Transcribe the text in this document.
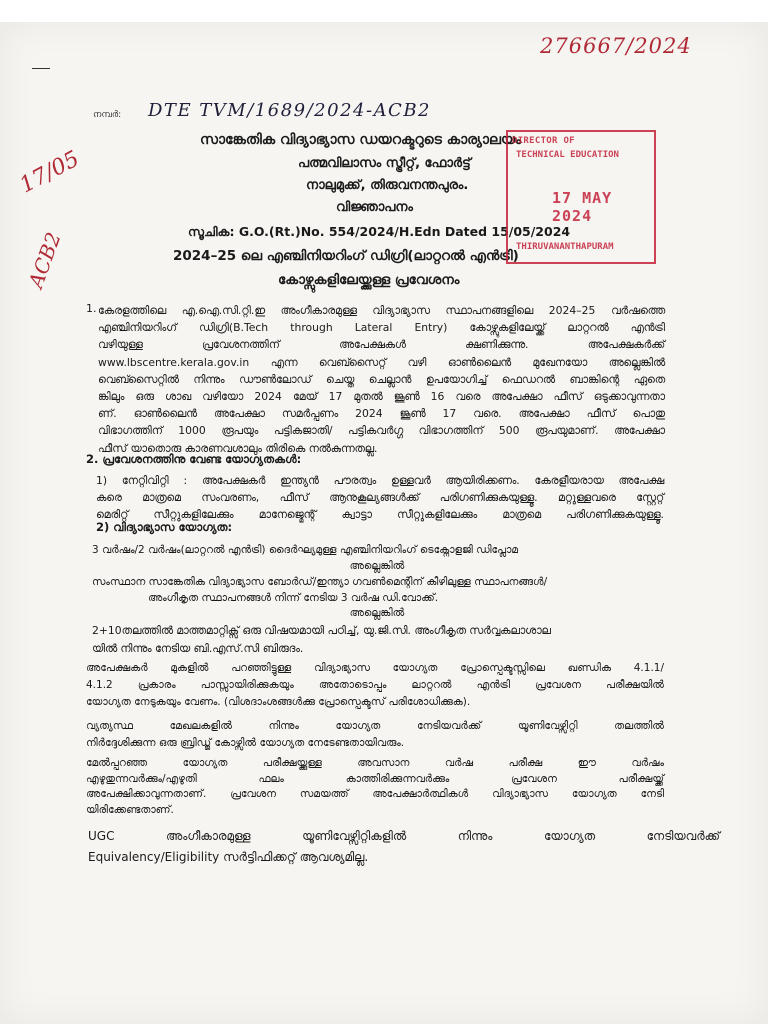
276667/2024
17/05
ACB2
നമ്പർ: DTE TVM/1689/2024-ACB2
സാങ്കേതിക വിദ്യാഭ്യാസ ഡയറക്ടറുടെ കാര്യാലയം
പത്മവിലാസം സ്ട്രീറ്റ്, ഫോർട്ട്
നാലുമുക്ക്, തിരുവനന്തപുരം.
വിജ്ഞാപനം
സൂചിക: G.O.(Rt.)No. 554/2024/H.Edn Dated 15/05/2024
2024–25 ലെ എഞ്ചിനിയറിംഗ് ഡിഗ്രി(ലാറ്ററൽ എൻട്രി)
കോഴ്സുകളിലേയ്ക്കുള്ള പ്രവേശനം
DIRECTOR OF
TECHNICAL EDUCATION
17 MAY 2024
THIRUVANANTHAPURAM
1. കേരളത്തിലെ എ.ഐ.സി.റ്റി.ഇ അംഗീകാരമുള്ള വിദ്യാഭ്യാസ സ്ഥാപനങ്ങളിലെ 2024–25 വർഷത്തെ
എഞ്ചിനിയറിംഗ് ഡിഗ്രി(B.Tech through Lateral Entry) കോഴ്സുകളിലേയ്ക്ക് ലാറ്ററൽ എൻട്രി
വഴിയുള്ള പ്രവേശനത്തിന് അപേക്ഷകൾ ക്ഷണിക്കുന്നു. അപേക്ഷകർക്ക്
www.lbscentre.kerala.gov.in എന്ന വെബ്സൈറ്റ് വഴി ഓൺലൈൻ മുഖേനയോ അല്ലെങ്കിൽ
വെബ്സൈറ്റിൽ നിന്നും ഡൗൺലോഡ് ചെയ്ത ചെല്ലാൻ ഉപയോഗിച്ച് ഫെഡറൽ ബാങ്കിന്റെ ഏതെ
ങ്കിലും ഒരു ശാഖ വഴിയോ 2024 മേയ് 17 മുതൽ ജൂൺ 16 വരെ അപേക്ഷാ ഫീസ് ഒടുക്കാവുന്നതാ
ണ്. ഓൺലൈൻ അപേക്ഷാ സമർപ്പണം 2024 ജൂൺ 17 വരെ. അപേക്ഷാ ഫീസ് പൊതു
വിഭാഗത്തിന് 1000 രൂപയും പട്ടികജാതി/ പട്ടികവർഗ്ഗ വിഭാഗത്തിന് 500 രൂപയുമാണ്. അപേക്ഷാ
ഫീസ് യാതൊരു കാരണവശാലും തിരികെ നൽകുന്നതല്ല.
2. പ്രവേശനത്തിനു വേണ്ട യോഗ്യതകൾ:
1) നേറ്റിവിറ്റി : അപേക്ഷകർ ഇന്ത്യൻ പൗരത്വം ഉള്ളവർ ആയിരിക്കണം. കേരളീയരായ അപേക്ഷ
കരെ മാത്രമെ സംവരണം, ഫീസ് ആനുകൂല്യങ്ങൾക്ക് പരിഗണിക്കുകയുള്ളൂ. മറ്റുള്ളവരെ സ്റ്റേറ്റ്
മെരിറ്റ് സീറ്റുകളിലേക്കും മാനേജ്മെന്റ് ക്വാട്ടാ സീറ്റുകളിലേക്കും മാത്രമെ പരിഗണിക്കുകയുള്ളൂ.
2) വിദ്യാഭ്യാസ യോഗ്യത:
3 വർഷം/2 വർഷം(ലാറ്ററൽ എൻട്രി) ദൈർഘ്യമുള്ള എഞ്ചിനിയറിംഗ് ടെക്നോളജി ഡിപ്ലോമ
അല്ലെങ്കിൽ
സംസ്ഥാന സാങ്കേതിക വിദ്യാഭ്യാസ ബോർഡ്/ഇന്ത്യാ ഗവൺമെന്റിന് കീഴിലുള്ള സ്ഥാപനങ്ങൾ/
അംഗീകൃത സ്ഥാപനങ്ങൾ നിന്ന് നേടിയ 3 വർഷ ഡി.വോക്ക്.
അല്ലെങ്കിൽ
2+10തലത്തിൽ മാത്തമാറ്റിക്സ് ഒരു വിഷയമായി പഠിച്ച്, യു.ജി.സി. അംഗീകൃത സർവ്വകലാശാല
യിൽ നിന്നും നേടിയ ബി.എസ്.സി ബിരുദം.
അപേക്ഷകർ മുകളിൽ പറഞ്ഞിട്ടുള്ള വിദ്യാഭ്യാസ യോഗ്യത പ്രോസ്പെക്ടസ്സിലെ ഖണ്ഡിക 4.1.1/
4.1.2 പ്രകാരം പാസ്സായിരിക്കുകയും അതോടൊപ്പം ലാറ്ററൽ എൻട്രി പ്രവേശന പരീക്ഷയിൽ
യോഗ്യത നേടുകയും വേണം. (വിശദാംശങ്ങൾക്കു പ്രോസ്പെക്ടസ് പരിശോധിക്കുക).
വ്യത്യസ്ഥ മേഖലകളിൽ നിന്നും യോഗ്യത നേടിയവർക്ക് യൂണിവേഴ്സിറ്റി തലത്തിൽ
നിർദ്ദേശിക്കുന്ന ഒരു ബ്രിഡ്ജ് കോഴ്സിൽ യോഗ്യത നേടേണ്ടതായിവരും.
മേൽപ്പറഞ്ഞ യോഗ്യത പരീക്ഷയ്ക്കുള്ള അവസാന വർഷ പരീക്ഷ ഈ വർഷം
എഴുതുന്നവർക്കും/എഴുതി ഫലം കാത്തിരിക്കുന്നവർക്കും പ്രവേശന പരീക്ഷയ്ക്ക്
അപേക്ഷിക്കാവുന്നതാണ്. പ്രവേശന സമയത്ത് അപേക്ഷാർത്ഥികൾ വിദ്യാഭ്യാസ യോഗ്യത നേടി
യിരിക്കേണ്ടതാണ്.
UGC അംഗീകാരമുള്ള യൂണിവേഴ്സിറ്റികളിൽ നിന്നും യോഗ്യത നേടിയവർക്ക്
Equivalency/Eligibility സർട്ടിഫിക്കറ്റ് ആവശ്യമില്ല.
